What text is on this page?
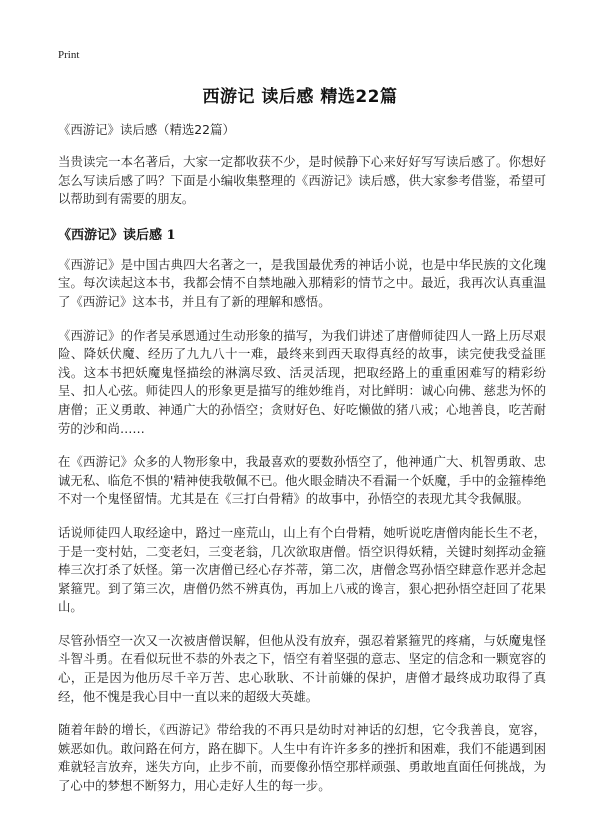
Print
西游记 读后感 精选22篇
《西游记》读后感（精选22篇）

当贵读完一本名著后，大家一定都收获不少，是时候静下心来好好写写读后感了。你想好怎么写读后感了吗？下面是小编收集整理的《西游记》读后感，供大家参考借鉴，希望可以帮助到有需要的朋友。

《西游记》读后感 1

《西游记》是中国古典四大名著之一，是我国最优秀的神话小说，也是中华民族的文化瑰宝。每次读起这本书，我都会情不自禁地融入那精彩的情节之中。最近，我再次认真重温了《西游记》这本书，并且有了新的理解和感悟。

《西游记》的作者吴承恩通过生动形象的描写，为我们讲述了唐僧师徒四人一路上历尽艰险、降妖伏魔、经历了九九八十一难，最终来到西天取得真经的故事，读完使我受益匪浅。这本书把妖魔鬼怪描绘的淋漓尽致、活灵活现，把取经路上的重重困难写的精彩纷呈、扣人心弦。师徒四人的形象更是描写的维妙维肖，对比鲜明：诚心向佛、慈悲为怀的唐僧；正义勇敢、神通广大的孙悟空；贪财好色、好吃懒做的猪八戒；心地善良，吃苦耐劳的沙和尚……

在《西游记》众多的人物形象中，我最喜欢的要数孙悟空了，他神通广大、机智勇敢、忠诚无私、临危不惧的'精神使我敬佩不已。他火眼金睛决不看漏一个妖魔，手中的金箍棒绝不对一个鬼怪留情。尤其是在《三打白骨精》的故事中，孙悟空的表现尤其令我佩服。

话说师徒四人取经途中，路过一座荒山，山上有个白骨精，她听说吃唐僧肉能长生不老，于是一变村姑，二变老妇，三变老翁，几次欲取唐僧。悟空识得妖精，关键时刻挥动金箍棒三次打杀了妖怪。第一次唐僧已经心存芥蒂，第二次，唐僧念骂孙悟空肆意作恶并念起紧箍咒。到了第三次，唐僧仍然不辨真伪，再加上八戒的谗言，狠心把孙悟空赶回了花果山。

尽管孙悟空一次又一次被唐僧误解，但他从没有放弃，强忍着紧箍咒的疼痛，与妖魔鬼怪斗智斗勇。在看似玩世不恭的外表之下，悟空有着坚强的意志、坚定的信念和一颗宽容的心，正是因为他历尽千辛万苦、忠心耿耿、不计前嫌的保护，唐僧才最终成功取得了真经，他不愧是我心目中一直以来的超级大英雄。

随着年龄的增长，《西游记》带给我的不再只是幼时对神话的幻想，它令我善良，宽容，嫉恶如仇。敢问路在何方，路在脚下。人生中有许许多多的挫折和困难，我们不能遇到困难就轻言放弃，迷失方向，止步不前，而要像孙悟空那样顽强、勇敢地直面任何挑战，为了心中的梦想不断努力，用心走好人生的每一步。
